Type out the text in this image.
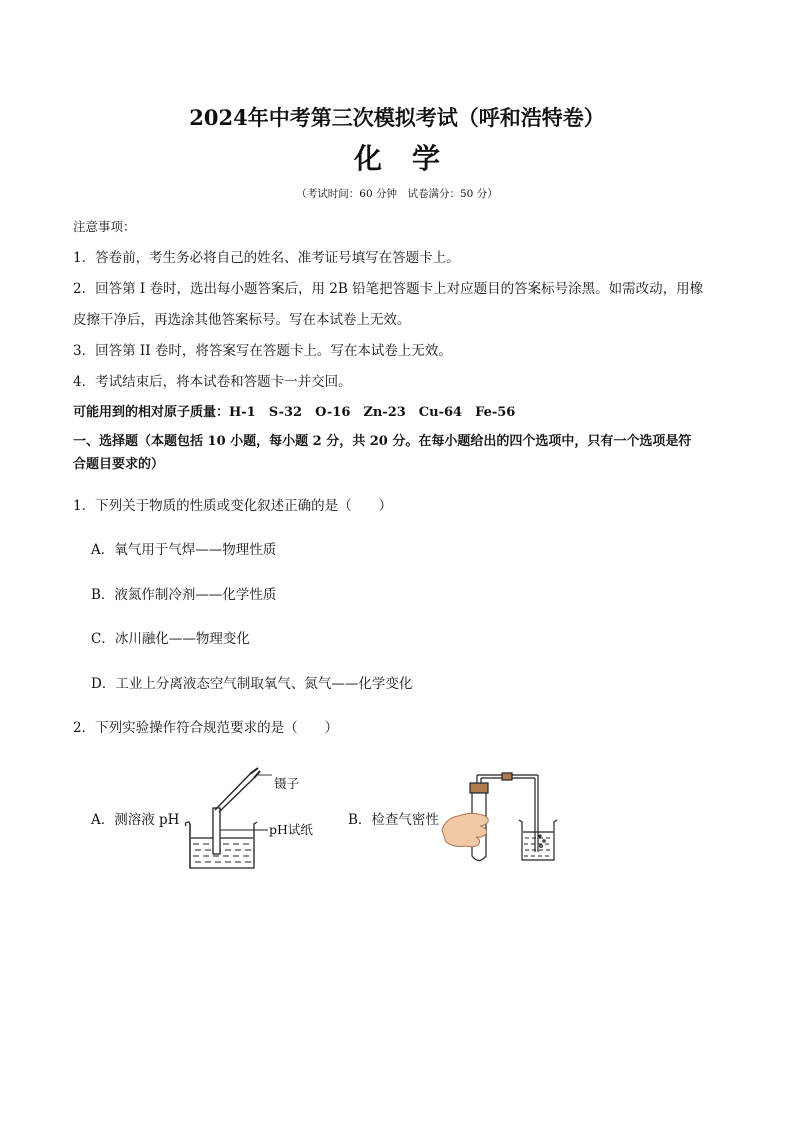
2024年中考第三次模拟考试（呼和浩特卷）
化学
（考试时间：60 分钟　试卷满分：50 分）
注意事项：
1．答卷前，考生务必将自己的姓名、准考证号填写在答题卡上。
2．回答第 I 卷时，选出每小题答案后，用 2B 铅笔把答题卡上对应题目的答案标号涂黑。如需改动，用橡
皮擦干净后，再选涂其他答案标号。写在本试卷上无效。
3．回答第 II 卷时，将答案写在答题卡上。写在本试卷上无效。
4．考试结束后，将本试卷和答题卡一并交回。
可能用到的相对原子质量：H-1　S-32　O-16　Zn-23　Cu-64　Fe-56
一、选择题（本题包括 10 小题，每小题 2 分，共 20 分。在每小题给出的四个选项中，只有一个选项是符
合题目要求的）
1．下列关于物质的性质或变化叙述正确的是（　　）
A．氧气用于气焊——物理性质
B．液氮作制冷剂——化学性质
C．冰川融化——物理变化
D．工业上分离液态空气制取氧气、氮气——化学变化
2．下列实验操作符合规范要求的是（　　）
A．测溶液 pH	B．检查气密性
镊子
pH试纸
